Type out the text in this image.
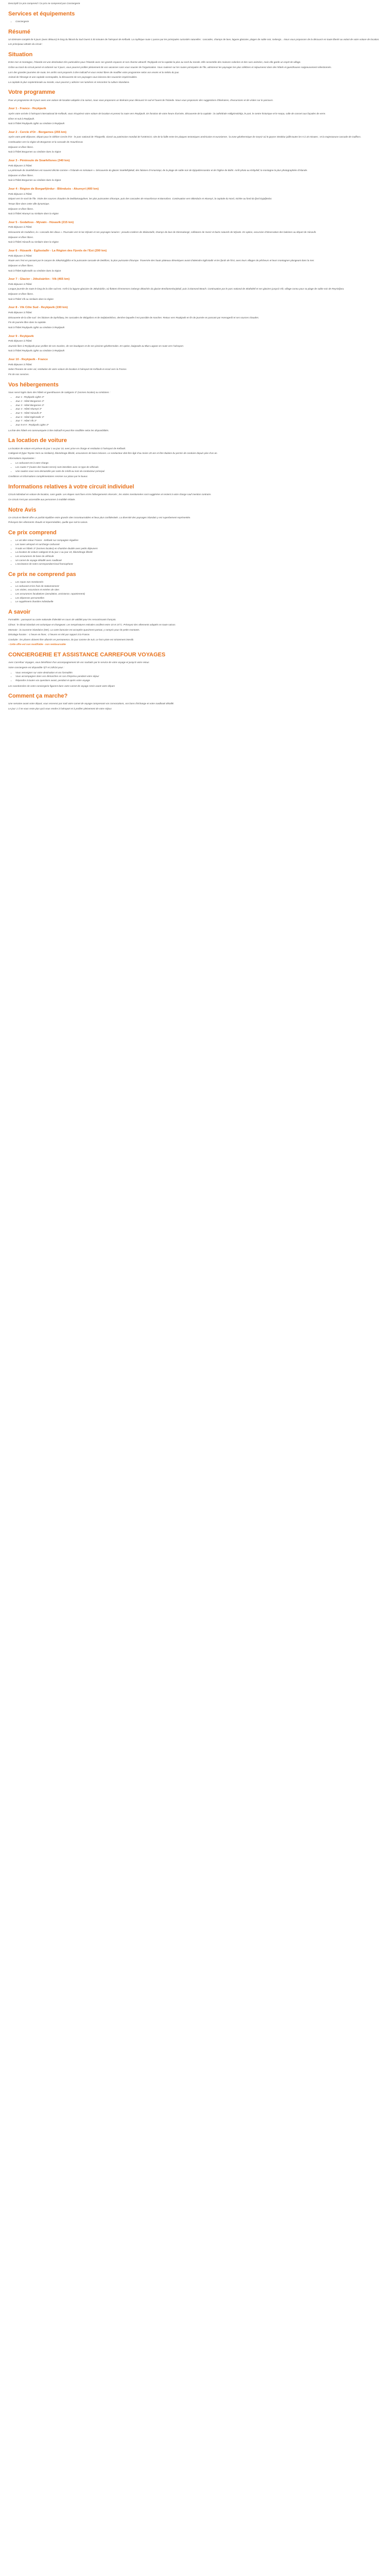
Descriptif Ce prix comprend / Ce prix ne comprend pas Conciergerie

Services et équipements
• Conciergerie
Résumé

Un itinéraire complet de 9 jours (avec détours) le long du littoral du Sud Ouest à 30 minutes de l'aéroport de Keflavik. La mythique route 1 passe par les principales curiosités naturelles : cascades, champs de lave, lagune glaciaire, plages de sable noir, icebergs... Nous vous proposons de la découvrir en toute liberté au volant de votre voiture de location.

Les principaux attraits du circuit :

Situation

Entre mer et montagne, l'Islande est une destination très particulière pour l'Islande avec ses grands espaces et son charme attractif. Reykjavik est la capitale la plus au nord du monde. Elle rassemble des maisons colorées et des rues animées, mais elle garde un esprit de village.

Grâce au tracé du circuit pensé et ordonné sur 9 jours, vous pourrez profiter pleinement de vos vacances sans vous soucier de l'organisation. Vous roulerez sur les routes principales de l'île, admirerez les paysages les plus célèbres et séjournerez dans des hôtels et guesthouses soigneusement sélectionnés.

Lors des grandes journées de route, les arrêts sont proposés à titre indicatif et vous restez libres de modifier votre programme selon vos envies et la météo du jour.

Animal de l'étrange et une capitale cosmopolite, la découverte de ses paysages vous laissera des souvenirs impérissables.

La capitale la plus septentrionale au monde, vous pourrez y admirer ses lumières et rencontrer la culture islandaise.

Votre programme

Pour un programme de 9 jours avec une voiture de location adaptée à la saison, nous vous proposons un itinéraire pour découvrir le sud et l'ouest de l'Islande. Nous vous proposons des suggestions d'itinéraires, d'excursions et de visites sur le parcours.

Jour 1 - France - Reykjavik

Après votre arrivée à l'aéroport international de Keflavik, vous récupérez votre voiture de location et prenez la route vers Reykjavik. En fonction de votre heure d'arrivée, découverte de la capitale : la cathédrale Hallgrimskirkja, le port, le centre historique et le Harpa, salle de concert aux façades de verre.

Dîner et nuit à Reykjavik.

Nuit à l'hôtel Reykjavik Lights ou similaire à Reykjavik

Jour 2 - Cercle d'Or - Borgarnes (255 km)

Après votre petit déjeuner, départ pour le célèbre Cercle d'Or : le parc national de Thingvellir, classé au patrimoine mondial de l'UNESCO, site de la faille entre les plaques tectoniques américaine et eurasienne ; la zone géothermique de Geysir où le geyser Strokkur jaillit toutes les 5 à 10 minutes ; et la majestueuse cascade de Gullfoss.

Continuation vers la région de Borgarnes et la cascade de Hraunfossar.

Déjeuner et dîner libres.

Nuit à l'hôtel Borgarnes ou similaire dans la région

Jour 3 - Péninsule de Snæfellsnes (340 km)

Petit déjeuner à l'hôtel.

La péninsule de Snæfellsnes est souvent décrite comme « l'Islande en miniature ». Découverte du glacier Snæfellsjökull, des falaises d'Arnarstapi, de la plage de sable noir de Djúpalónssandur et de l'église de Búðir. Arrêt photo au Kirkjufell, la montagne la plus photographiée d'Islande.

Déjeuner et dîner libres.

Nuit à l'hôtel Borgarnes ou similaire dans la région

Jour 4 - Région de Borgarfjördur - Blönduós - Akureyri (400 km)

Petit déjeuner à l'hôtel.

Départ vers le nord de l'île. Visite des sources chaudes de Deildartunguhver, les plus puissantes d'Europe, puis des cascades de Hraunfossar et Barnafoss. Continuation vers Blönduós et Akureyri, la capitale du Nord, nichée au fond du fjord Eyjafjördur.

Temps libre dans cette ville dynamique.

Déjeuner et dîner libres.

Nuit à l'hôtel Akureyri ou similaire dans la région

Jour 5 - Godafoss - Mývatn - Húsavík (215 km)

Petit déjeuner à l'hôtel.

Découverte de Godafoss, la « cascade des dieux ». Poursuite vers le lac Mývatn et ses paysages lunaires : pseudo-cratères de Skútustaðir, champs de lave de Dimmuborgir, solfatares de Hverir et bains naturels de Mývatn. En option, excursion d'observation des baleines au départ de Húsavík.

Déjeuner et dîner libres.

Nuit à l'hôtel Húsavík ou similaire dans la région

Jour 6 - Húsavík - Egilsstaðir - La Région des Fjords de l'Est (290 km)

Petit déjeuner à l'hôtel.

Route vers l'est en passant par le canyon de Jökulsárgljúfur et la puissante cascade de Dettifoss, la plus puissante d'Europe. Traversée des hauts plateaux désertiques avant d'atteindre Egilsstaðir et les fjords de l'Est, avec leurs villages de pêcheurs et leurs montagnes plongeant dans la mer.

Déjeuner et dîner libres.

Nuit à l'hôtel Egilsstaðir ou similaire dans la région

Jour 7 - Glacier - Jökulsárlón - Vík (465 km)

Petit déjeuner à l'hôtel.

Longue journée de route le long de la côte sud-est. Arrêt à la lagune glaciaire de Jökulsárlón, où flottent d'immenses icebergs détachés du glacier Breiðamerkurjökull, puis à Diamond Beach. Continuation par le parc national de Skaftafell et ses glaciers jusqu'à Vík, village connu pour sa plage de sable noir de Reynisfjara.

Déjeuner et dîner libres.

Nuit à l'hôtel Vík ou similaire dans la région

Jour 8 - Vík Côte Sud - Reykjavik (190 km)

Petit déjeuner à l'hôtel.

Découverte de la côte sud : les falaises de Dyrhólaey, les cascades de Skógafoss et de Seljalandsfoss, derrière laquelle il est possible de marcher. Retour vers Reykjavik en fin de journée en passant par Hveragerði et ses sources chaudes.

Fin de journée libre dans la capitale.

Nuit à l'hôtel Reykjavik Lights ou similaire à Reykjavik

Jour 9 - Reykjavik

Petit déjeuner à l'hôtel.

Journée libre à Reykjavik pour profiter de ses musées, de ses boutiques et de ses piscines géothermales. En option, baignade au Blue Lagoon en route vers l'aéroport.

Nuit à l'hôtel Reykjavik Lights ou similaire à Reykjavik

Jour 10 - Reykjavik - France

Petit déjeuner à l'hôtel.

Selon l'horaire de votre vol, restitution de votre voiture de location à l'aéroport de Keflavik et envol vers la France.

Fin de nos services.

Vos hébergements

Vous serez logés dans des hôtels et guesthouses de catégorie 3* (normes locales) ou similaires :

• Jour 1 : Reykjavik Lights 3*
• Jour 2 : Hôtel Borgarnes 3*
• Jour 3 : Hôtel Borgarnes 3*
• Jour 4 : Hôtel Akureyri 3*
• Jour 5 : Hôtel Húsavík 3*
• Jour 6 : Hôtel Egilsstaðir 3*
• Jour 7 : Hôtel Vík 3*
• Jour 8 et 9 : Reykjavik Lights 3*

La liste des hôtels est communiquée à titre indicatif et peut être modifiée selon les disponibilités.

La location de voiture

La location de voiture est prévue du jour 1 au jour 10, avec prise en charge et restitution à l'aéroport de Keflavik.

Catégorie B (type Toyota Yaris ou similaire), kilométrage illimité, assurances de base incluses. Le conducteur doit être âgé d'au moins 20 ans et être titulaire du permis de conduire depuis plus d'un an.

Informations importantes :

• Le carburant est à votre charge.
• Les routes F (routes des hautes terres) sont interdites avec ce type de véhicule.
• Une caution vous sera demandée par carte de crédit au nom du conducteur principal.

Conditions et informations complémentaires remises sur place par le loueur.

Informations relatives à votre circuit individuel

Circuit individuel en voiture de location, sans guide. Les étapes sont fixes et les hébergements réservés ; les visites mentionnées sont suggérées et restent à votre charge sauf mention contraire.

Ce circuit n'est pas accessible aux personnes à mobilité réduite.

Notre Avis

Ce circuit en liberté offre un parfait équilibre entre grands sites incontournables et lieux plus confidentiels. La diversité des paysages islandais y est superbement représentée.

Prévoyez des vêtements chauds et imperméables, quelle que soit la saison.

Ce prix comprend
• Le vol aller-retour France - Keflavik sur compagnie régulière
• Les taxes aéroport et surcharge carburant
• 9 nuits en hôtels 3* (normes locales) en chambre double avec petits déjeuners
• La location de voiture catégorie B du jour 1 au jour 10, kilométrage illimité
• Les assurances de base du véhicule
• Un carnet de voyage détaillé avec roadbook
• L'assistance de notre correspondant local francophone
Ce prix ne comprend pas
• Les repas non mentionnés
• Le carburant et les frais de stationnement
• Les visites, excursions et entrées de sites
• Les assurances facultatives (annulation, assistance, rapatriement)
• Les dépenses personnelles
• Le supplément chambre individuelle
A savoir

Formalités : passeport ou carte nationale d'identité en cours de validité pour les ressortissants français.

Climat : le climat islandais est océanique et changeant. Les températures estivales oscillent entre 10 et 15°C. Prévoyez des vêtements adaptés en toute saison.

Monnaie : la couronne islandaise (ISK). La carte bancaire est acceptée quasiment partout, y compris pour de petits montants.

Décalage horaire : -1 heure en hiver, -2 heures en été par rapport à la France.

Conduite : les phares doivent être allumés en permanence, de jour comme de nuit. Le hors-piste est strictement interdit.

- Cette offre est non modifiable - non remboursable

CONCIERGERIE ET ASSISTANCE CARREFOUR VOYAGES

Avec Carrefour Voyages, vous bénéficiez d'un accompagnement de vos souhaits par le service de votre voyage et jusqu'à votre retour.

Votre conciergerie est disponible 7j/7 et 24h/24 pour :

• Vous renseigner sur votre destination et vos formalités
• Vous accompagner dans vos démarches en cas d'imprévu pendant votre séjour
• Répondre à toutes vos questions avant, pendant et après votre voyage

Les coordonnées de votre conciergerie figurent dans votre carnet de voyage remis avant votre départ.

Comment ça marche?

Une semaine avant votre départ, vous recevrez par mail votre carnet de voyage comprenant vos convocations, vos bons d'échange et votre roadbook détaillé.

Le jour J, il ne vous reste plus qu'à vous rendre à l'aéroport et à profiter pleinement de votre séjour.
